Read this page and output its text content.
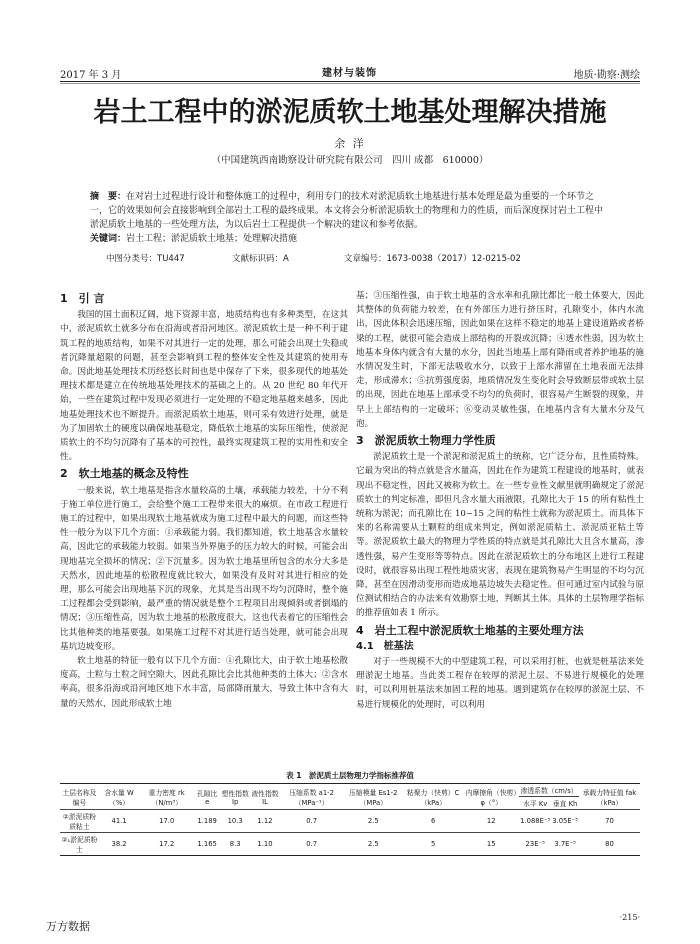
2017 年 3 月	建材与装饰	地质·勘察·测绘
岩土工程中的淤泥质软土地基处理解决措施
余 洋
（中国建筑西南勘察设计研究院有限公司　四川 成都　610000）
摘　要：在对岩土过程进行设计和整体施工的过程中，利用专门的技术对淤泥质软土地基进行基本处理是最为重要的一个环节之一，它的效果如何会直接影响到全部岩土工程的最终成果。本文将会分析淤泥质软土的物理和力的性质，而后深度探讨岩土工程中淤泥质软土地基的一些处理方法，为以后岩土工程提供一个解决的建议和参考依据。
关键词：岩土工程；淤泥质软土地基；处理解决措施
中图分类号：TU447	文献标识码：A	文章编号：1673-0038（2017）12-0215-02
1　引 言

我国的国土面积辽阔，地下资源丰富，地质结构也有多种类型，在这其中，淤泥质软土就多分布在沿海或者沿河地区。淤泥质软土是一种不利于建筑工程的地质结构，如果不对其进行一定的处理，那么可能会出现土失稳或者沉降量超限的问题，甚至会影响到工程的整体安全性及其建筑的使用寿命。因此地基处理技术历经悠长时间也是中保存了下来，很多现代的地基处理技术都是建立在传统地基处理技术的基础之上的。从 20 世纪 80 年代开始，一些在建筑过程中发现必须进行一定处理的不稳定地基越来越多，因此地基处理技术也不断提升。而淤泥质软土地基，则可采有效进行处理，就是为了加固软土的硬度以确保地基稳定，降低软土地基的实际压缩性，使淤泥质软土的不均匀沉降有了基本的可控性，最终实现建筑工程的实用性和安全性。

2　软土地基的概念及特性

一般来说，软土地基是指含水量较高的土壤，承载能力较差，十分不利于施工单位进行施工，会给整个施工工程带来很大的麻烦。在市政工程进行施工的过程中，如果出现软土地基就成为施工过程中最大的问题，而这些特性一般分为以下几个方面：①承载能力弱。我们都知道，软土地基含水量较高，因此它的承载能力较弱。如果当外界施予的压力较大的时候，可能会出现地基完全损坏的情况；②下沉量多。因为软土地基里所包含的水分大多是天然水，因此地基的松散程度就比较大，如果没有及时对其进行相应的处理，那么可能会出现地基下沉的现象，尤其是当出现不均匀沉降时，整个施工过程都会受到影响，最严重的情况就是整个工程项目出现倾斜或者倒塌的情况；③压缩性高，因为软土地基的松散度很大，这也代表着它的压缩性会比其他种类的地基要强。如果施工过程不对其进行适当处理，就可能会出现基坑边坡变形。

软土地基的特征一般有以下几个方面：①孔隙比大，由于软土地基松散度高，土粒与土粒之间空隙大，因此孔隙比会比其他种类的土体大；②含水率高，很多沿海或沿河地区地下水丰富，局部降雨量大，导致土体中含有大量的天然水，因此形成软土地

基；③压缩性强，由于软土地基的含水率和孔隙比都比一般土体要大，因此其整体的负荷能力较差，在有外部压力进行挤压时，孔隙变小，体内水流出，因此体积会迅速压缩，因此如果在这样不稳定的地基上建设道路或者桥梁的工程，就很可能会造成上部结构的开裂或沉降；④透水性弱，因为软土地基本身体内就含有大量的水分，因此当地基上部有降雨或者养护地基的施水情况发生时，下部无法吸收水分，以致于上部水滞留在土地表面无法排走，形成滞水；⑤抗剪强度弱，地质情况发生变化时会导致断层带或软土层的出现，因此在地基上部承受不均匀的负荷时，很容易产生断裂的现象，并早上上部结构的一定破坏；⑥变动灵敏性强，在地基内含有大量水分及气泡。

3　淤泥质软土物理力学性质

淤泥质软土是一个淤泥和淤泥质土的统称，它广泛分布，且性质特殊。它最为突出的特点就是含水量高，因此在作为建筑工程建设的地基时，就表现出不稳定性，因此又被称为软土。在一些专业性文献里就明确规定了淤泥质软土的判定标准，即但凡含水量大雨液限，孔隙比大于 15 的所有粘性土统称为淤泥；而孔隙比在 10~15 之间的粘性土就称为淤泥质土。而具体下来的名称需要从土颗粒的组成来判定，例如淤泥质粘土、淤泥质亚粘土等等。淤泥质软土最大的物理力学性质的特点就是其孔隙比大且含水量高，渗透性强，易产生变形等等特点。因此在淤泥质软土的分布地区上进行工程建设时，就很容易出现工程性地质灾害，表现在建筑物易产生明显的不均匀沉降，甚至在因滑动变形而造成地基边坡失去稳定性。但可通过室内试验与原位测试相结合的办法来有效勘察土地，判断其土体。具体的土层物理学指标的推荐值如表 1 所示。

4　岩土工程中淤泥质软土地基的主要处理方法
4.1　桩基法

对于一些规模不大的中型建筑工程，可以采用打桩，也就是桩基法来处理淤泥土地基。当此类工程存在较厚的淤泥土层、不易进行规模化的处理时，可以利用桩基法来加固工程的地基。遇到建筑存在较厚的淤泥土层、不易进行规模化的处理时，可以利用

表 1　淤泥质土层物理力学指标推荐值
土层名称及编号	含水量 W（%）	重力密度 rk（N/m³）	孔隙比 e	塑性指数 Ip	液性指数 IL	压缩系数 a1-2（MPa⁻¹）	压缩模量 Es1-2（MPa）	粘聚力（快剪）C（kPa）	内摩擦角（快剪）φ（°）	渗透系数（cm/s）		承载力特征值 fak（kPa）
										水平 Kv	垂直 Kh	
②淤泥质粉质粘土	41.1	17.0	1.189	10.3	1.12	0.7	2.5	6	12	1.088E⁻⁵	3.05E⁻⁵	70
②₁淤泥质粉土	38.2	17.2	1.165	8.3	1.10	0.7	2.5	5	15	23E⁻⁵	3.7E⁻⁵	80
·215·
万方数据
